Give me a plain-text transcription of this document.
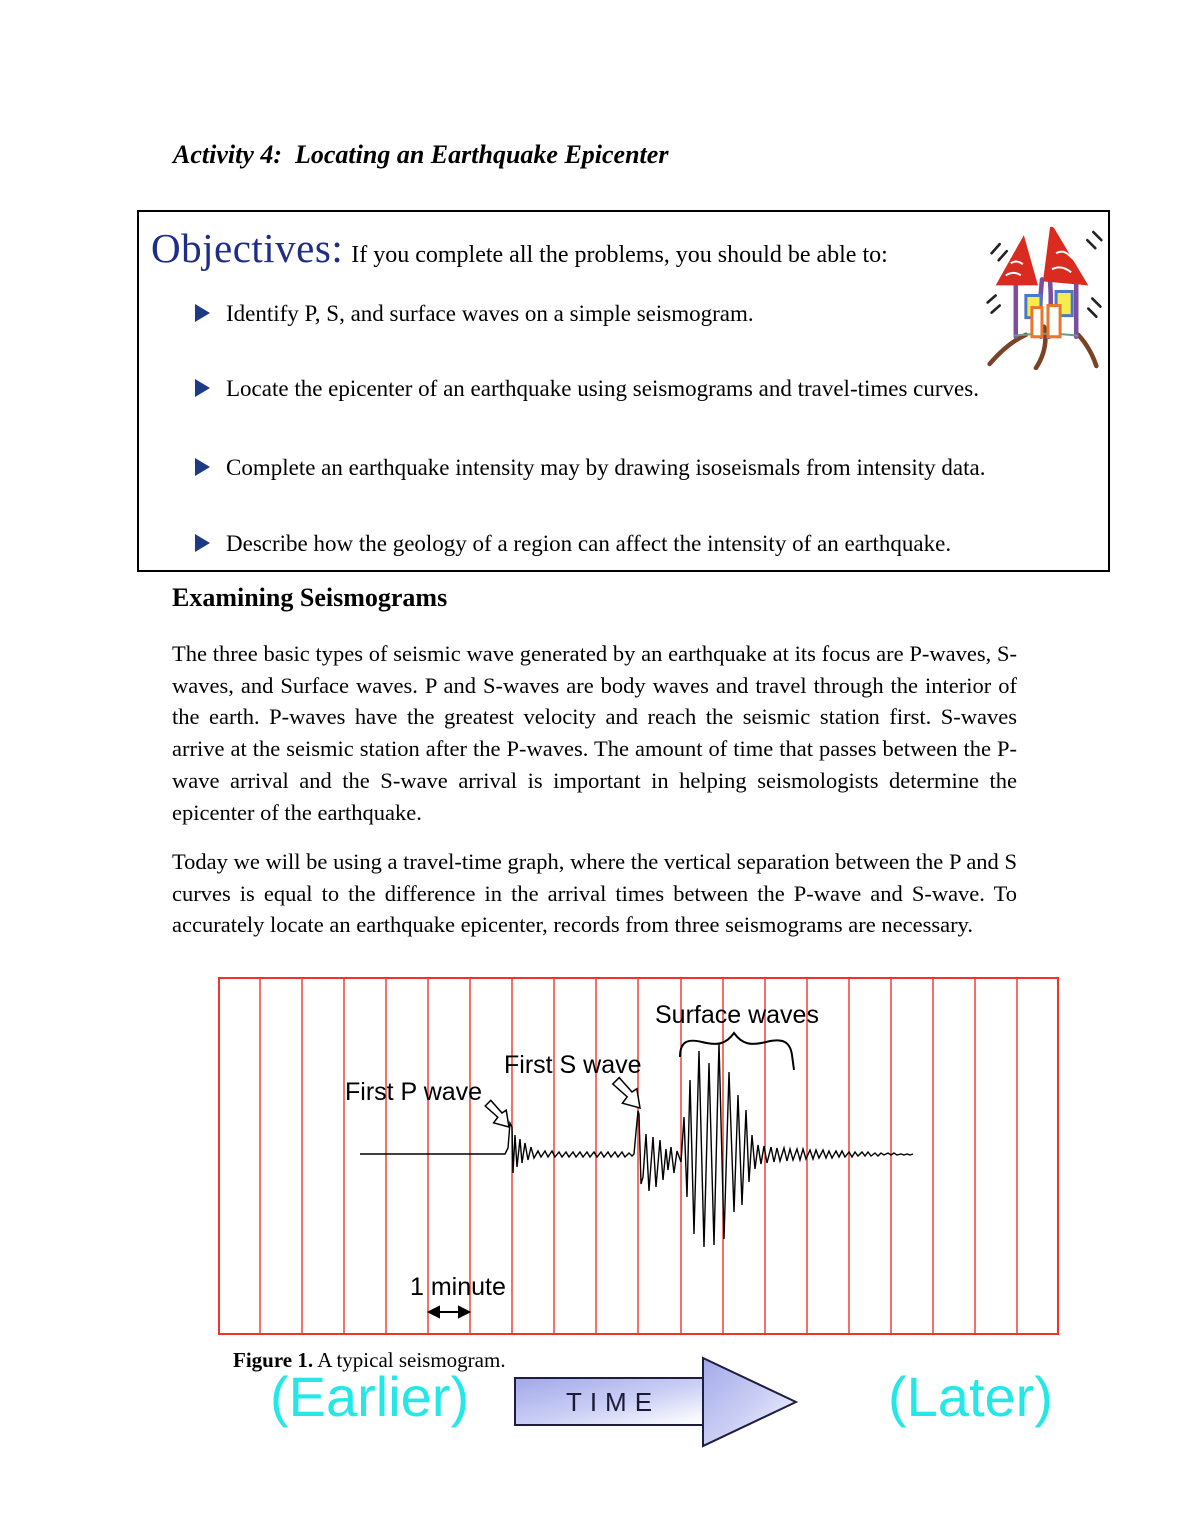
Activity 4:  Locating an Earthquake Epicenter
Objectives: If you complete all the problems, you should be able to:
Identify P, S, and surface waves on a simple seismogram.
Locate the epicenter of an earthquake using seismograms and travel-times curves.
Complete an earthquake intensity may by drawing isoseismals from intensity data.
Describe how the geology of a region can affect the intensity of an earthquake.
Examining Seismograms
The three basic types of seismic wave generated by an earthquake at its focus are P-waves, S-waves, and Surface waves. P and S-waves are body waves and travel through the interior of the earth. P-waves have the greatest velocity and reach the seismic station first. S-waves arrive at the seismic station after the P-waves. The amount of time that passes between the P-wave arrival and the S-wave arrival is important in helping seismologists determine the epicenter of the earthquake.
Today we will be using a travel-time graph, where the vertical separation between the P and S curves is equal to the difference in the arrival times between the P-wave and S-wave. To accurately locate an earthquake epicenter, records from three seismograms are necessary.
Surface waves
First S wave
First P wave
1 minute
Figure 1. A typical seismogram.
(Earlier)	TIME	(Later)
